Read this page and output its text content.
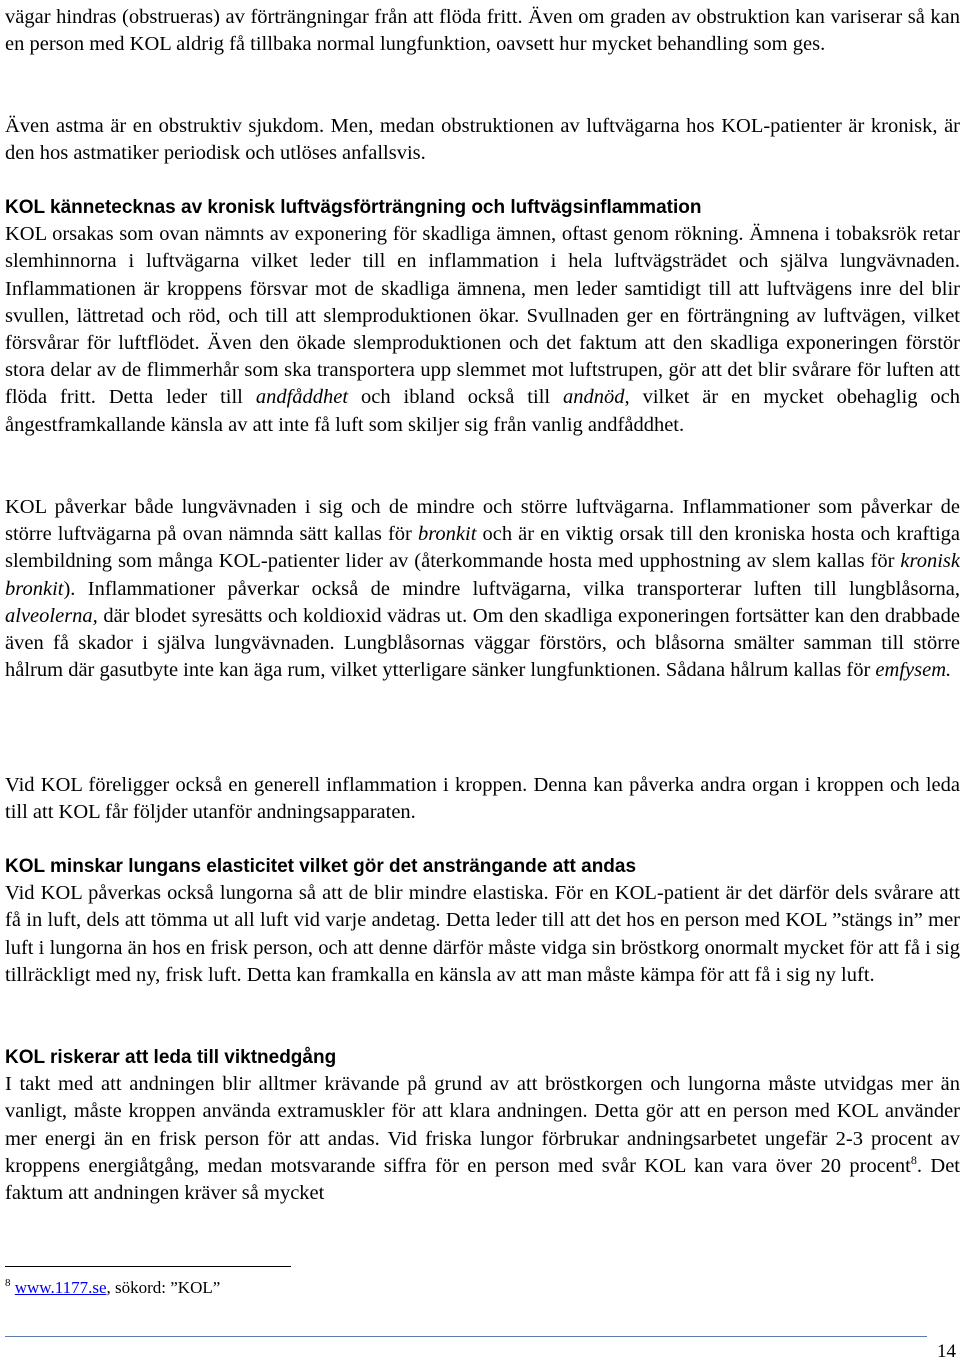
vägar hindras (obstrueras) av förträngningar från att flöda fritt. Även om graden av obstruktion kan variserar så kan en person med KOL aldrig få tillbaka normal lungfunktion, oavsett hur mycket behandling som ges.

Även astma är en obstruktiv sjukdom. Men, medan obstruktionen av luftvägarna hos KOL-patienter är kronisk, är den hos astmatiker periodisk och utlöses anfallsvis.

KOL kännetecknas av kronisk luftvägsförträngning och luftvägsinflammation

KOL orsakas som ovan nämnts av exponering för skadliga ämnen, oftast genom rökning. Ämnena i tobaksrök retar slemhinnorna i luftvägarna vilket leder till en inflammation i hela luftvägsträdet och själva lungvävnaden. Inflammationen är kroppens försvar mot de skadliga ämnena, men leder samtidigt till att luftvägens inre del blir svullen, lättretad och röd, och till att slemproduktionen ökar. Svullnaden ger en förträngning av luftvägen, vilket försvårar för luftflödet. Även den ökade slemproduktionen och det faktum att den skadliga exponeringen förstör stora delar av de flimmerhår som ska transportera upp slemmet mot luftstrupen, gör att det blir svårare för luften att flöda fritt. Detta leder till andfåddhet och ibland också till andnöd, vilket är en mycket obehaglig och ångestframkallande känsla av att inte få luft som skiljer sig från vanlig andfåddhet.

KOL påverkar både lungvävnaden i sig och de mindre och större luftvägarna. Inflammationer som påverkar de större luftvägarna på ovan nämnda sätt kallas för bronkit och är en viktig orsak till den kroniska hosta och kraftiga slembildning som många KOL-patienter lider av (återkommande hosta med upphostning av slem kallas för kronisk bronkit). Inflammationer påverkar också de mindre luftvägarna, vilka transporterar luften till lungblåsorna, alveolerna, där blodet syresätts och koldioxid vädras ut. Om den skadliga exponeringen fortsätter kan den drabbade även få skador i själva lungvävnaden. Lungblåsornas väggar förstörs, och blåsorna smälter samman till större hålrum där gasutbyte inte kan äga rum, vilket ytterligare sänker lungfunktionen. Sådana hålrum kallas för emfysem.

Vid KOL föreligger också en generell inflammation i kroppen. Denna kan påverka andra organ i kroppen och leda till att KOL får följder utanför andningsapparaten.

KOL minskar lungans elasticitet vilket gör det ansträngande att andas

Vid KOL påverkas också lungorna så att de blir mindre elastiska. För en KOL-patient är det därför dels svårare att få in luft, dels att tömma ut all luft vid varje andetag. Detta leder till att det hos en person med KOL ”stängs in” mer luft i lungorna än hos en frisk person, och att denne därför måste vidga sin bröstkorg onormalt mycket för att få i sig tillräckligt med ny, frisk luft. Detta kan framkalla en känsla av att man måste kämpa för att få i sig ny luft.

KOL riskerar att leda till viktnedgång

I takt med att andningen blir alltmer krävande på grund av att bröstkorgen och lungorna måste utvidgas mer än vanligt, måste kroppen använda extramuskler för att klara andningen. Detta gör att en person med KOL använder mer energi än en frisk person för att andas. Vid friska lungor förbrukar andningsarbetet ungefär 2-3 procent av kroppens energiåtgång, medan motsvarande siffra för en person med svår KOL kan vara över 20 procent$^8$. Det faktum att andningen kräver så mycket

$^8$ www.1177.se, sökord: ”KOL”
14
